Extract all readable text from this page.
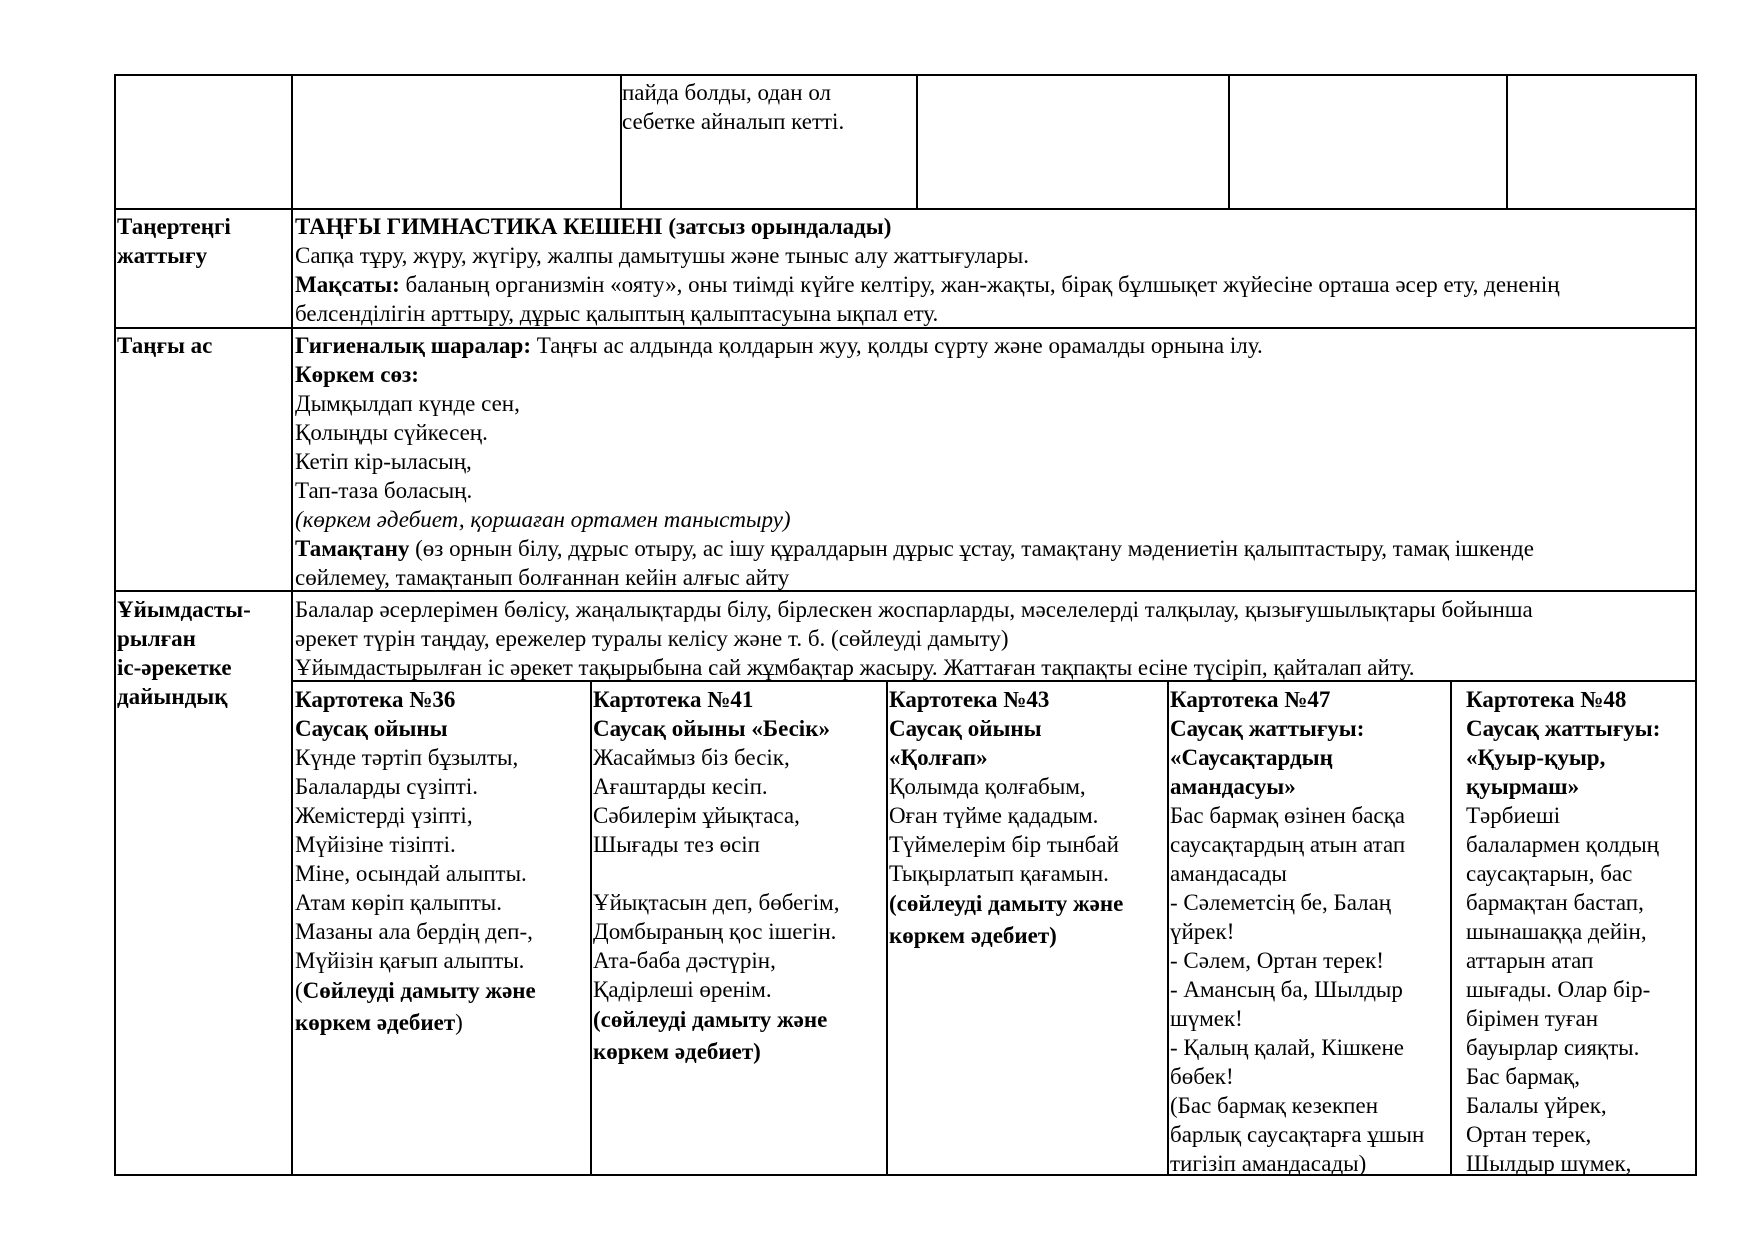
пайда болды, одан ол
себетке айналып кетті.
Таңертеңгі
жаттығу
ТАҢҒЫ ГИМНАСТИКА КЕШЕНІ (затсыз орындалады)
Сапқа тұру, жүру, жүгіру, жалпы дамытушы және тыныс алу жаттығулары.
Мақсаты: баланың организмін «ояту», оны тиімді күйге келтіру, жан-жақты, бірақ бұлшықет жүйесіне орташа әсер ету, дененің
белсенділігін арттыру, дұрыс қалыптың қалыптасуына ықпал ету.
Таңғы ас	Гигиеналық шаралар: Таңғы ас алдында қолдарын жуу, қолды сүрту және орамалды орнына ілу.
Көркем сөз:
Дымқылдап күнде сен,
Қолыңды сүйкесең.
Кетіп кір-ыласың,
Тап-таза боласың.
(көркем әдебиет, қоршаған ортамен таныстыру)
Тамақтану (өз орнын білу, дұрыс отыру, ас ішу құралдарын дұрыс ұстау, тамақтану мәдениетін қалыптастыру, тамақ ішкенде
сөйлемеу, тамақтанып болғаннан кейін алғыс айту
Ұйымдасты-
рылған
іс-әрекетке
дайындық
Балалар әсерлерімен бөлісу, жаңалықтарды білу, бірлескен жоспарларды, мәселелерді талқылау, қызығушылықтары бойынша
әрекет түрін таңдау, ережелер туралы келісу және т. б. (сөйлеуді дамыту)
Ұйымдастырылған іс әрекет тақырыбына сай жұмбақтар жасыру. Жаттаған тақпақты есіне түсіріп, қайталап айту.
Картотека №36
Саусақ ойыны
Күнде тәртіп бұзылты,
Балаларды сүзіпті.
Жемістерді үзіпті,
Мүйізіне тізіпті.
Міне, осындай алыпты.
Атам көріп қалыпты.
Мазаны ала бердің деп-,
Мүйізін қағып алыпты.
(Сөйлеуді дамыту және
көркем әдебиет)
Картотека №41
Саусақ ойыны «Бесік»
Жасаймыз біз бесік,
Ағаштарды кесіп.
Сәбилерім ұйықтаса,
Шығады тез өсіп
Ұйықтасын деп, бөбегім,
Домбыраның қос ішегін.
Ата-баба дәстүрін,
Қадірлеші өренім.
(сөйлеуді дамыту және
көркем әдебиет)
Картотека №43
Саусақ ойыны
«Қолғап»
Қолымда қолғабым,
Оған түйме қададым.
Түймелерім бір тынбай
Тықырлатып қағамын.
(сөйлеуді дамыту және
көркем әдебиет)
Картотека №47
Саусақ жаттығуы:
«Саусақтардың
амандасуы»
Бас бармақ өзінен басқа
саусақтардың атын атап
амандасады
- Сәлеметсің бе, Балаң
үйрек!
- Сәлем, Ортан терек!
- Амансың ба, Шылдыр
шүмек!
- Қалың қалай, Кішкене
бөбек!
(Бас бармақ кезекпен
барлық саусақтарға ұшын
тигізіп амандасады)
Картотека №48
Саусақ жаттығуы:
«Қуыр-қуыр,
қуырмаш»
Тәрбиеші
балалармен қолдың
саусақтарын, бас
бармақтан бастап,
шынашаққа дейін,
аттарын атап
шығады. Олар бір-
бірімен туған
бауырлар сияқты.
Бас бармақ,
Балалы үйрек,
Ортан терек,
Шылдыр шүмек,
